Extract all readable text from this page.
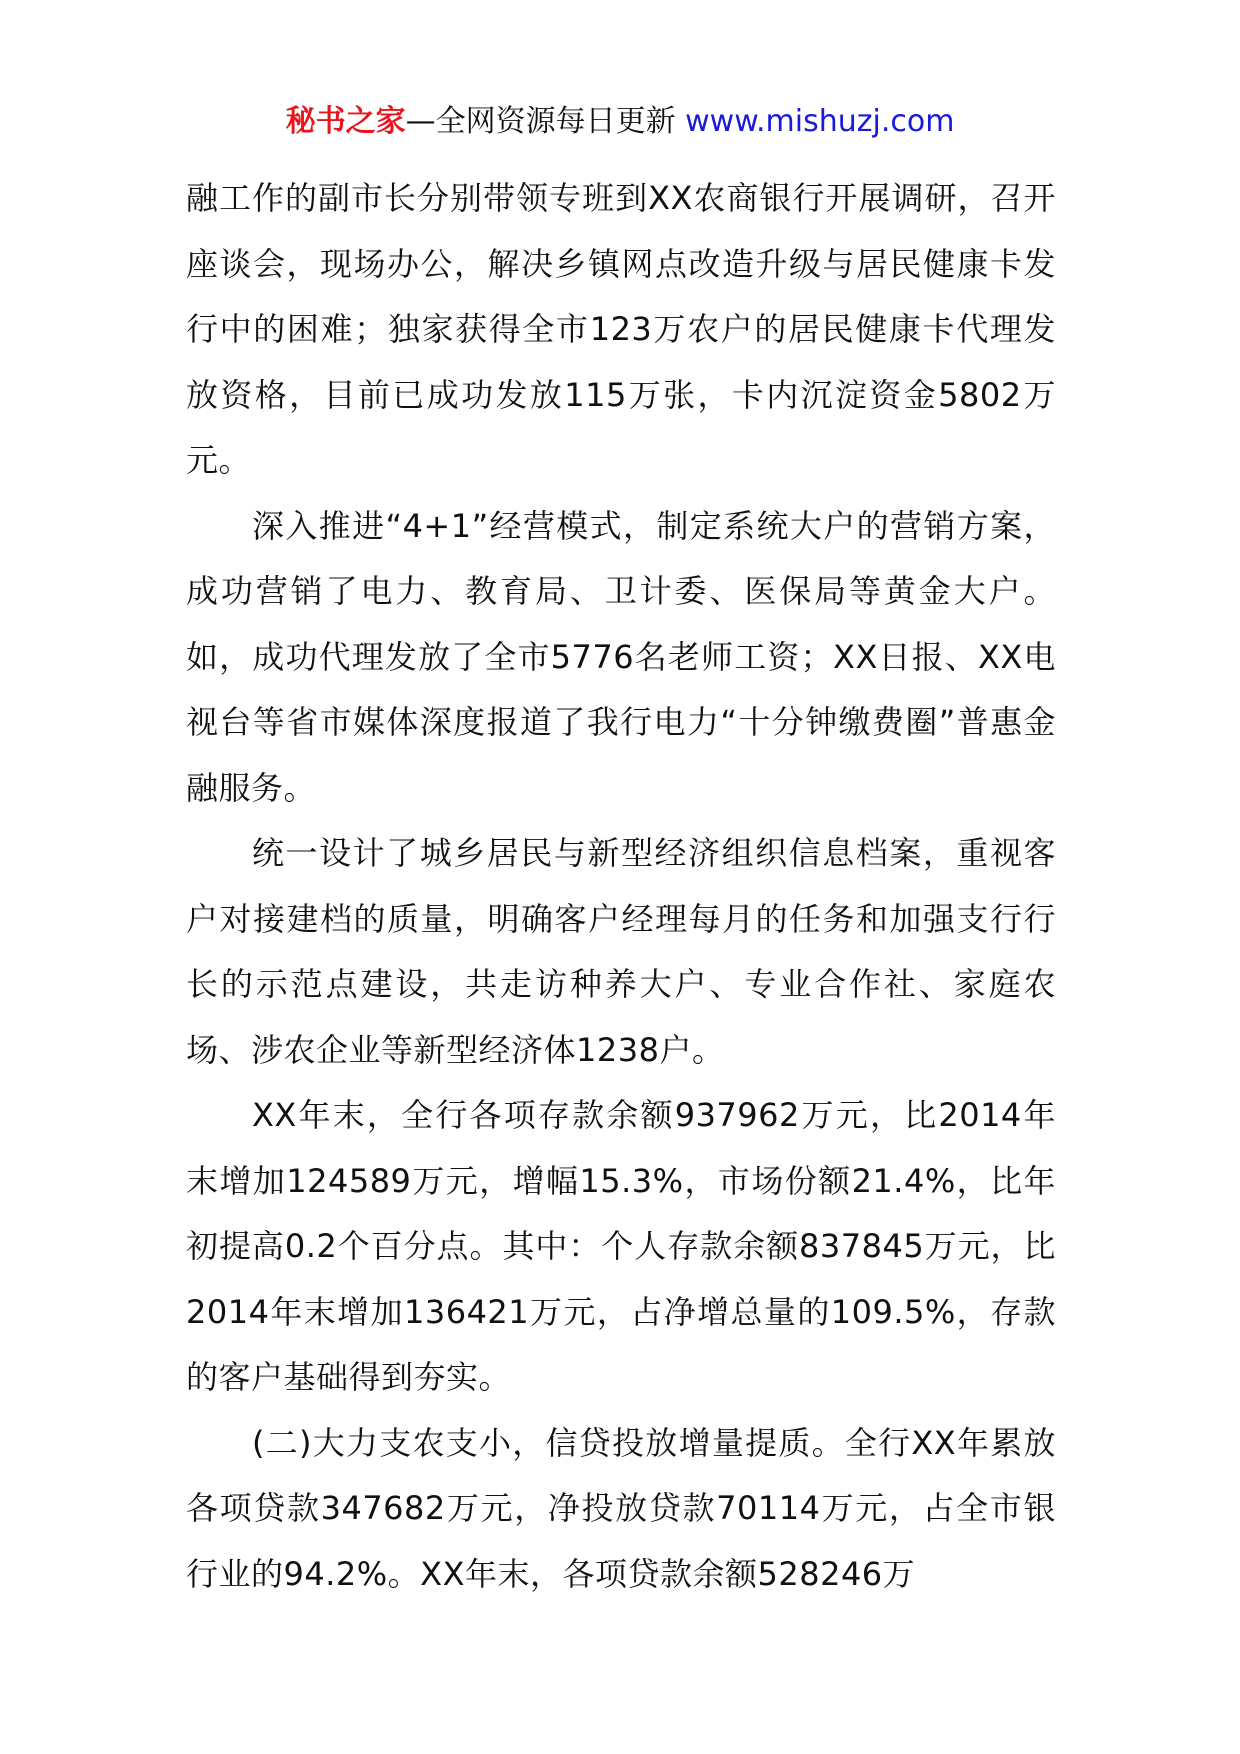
秘书之家—全网资源每日更新 www.mishuzj.com

融工作的副市长分别带领专班到XX农商银行开展调研，召开座谈会，现场办公，解决乡镇网点改造升级与居民健康卡发行中的困难；独家获得全市123万农户的居民健康卡代理发放资格，目前已成功发放115万张，卡内沉淀资金5802万元。

深入推进“4+1”经营模式，制定系统大户的营销方案，成功营销了电力、教育局、卫计委、医保局等黄金大户。如，成功代理发放了全市5776名老师工资；XX日报、XX电视台等省市媒体深度报道了我行电力“十分钟缴费圈”普惠金融服务。

统一设计了城乡居民与新型经济组织信息档案，重视客户对接建档的质量，明确客户经理每月的任务和加强支行行长的示范点建设，共走访种养大户、专业合作社、家庭农场、涉农企业等新型经济体1238户。

XX年末，全行各项存款余额937962万元，比2014年末增加124589万元，增幅15.3%，市场份额21.4%，比年初提高0.2个百分点。其中：个人存款余额837845万元，比2014年末增加136421万元，占净增总量的109.5%，存款的客户基础得到夯实。

(二)大力支农支小，信贷投放增量提质。全行XX年累放各项贷款347682万元，净投放贷款70114万元，占全市银行业的94.2%。XX年末，各项贷款余额528246万
